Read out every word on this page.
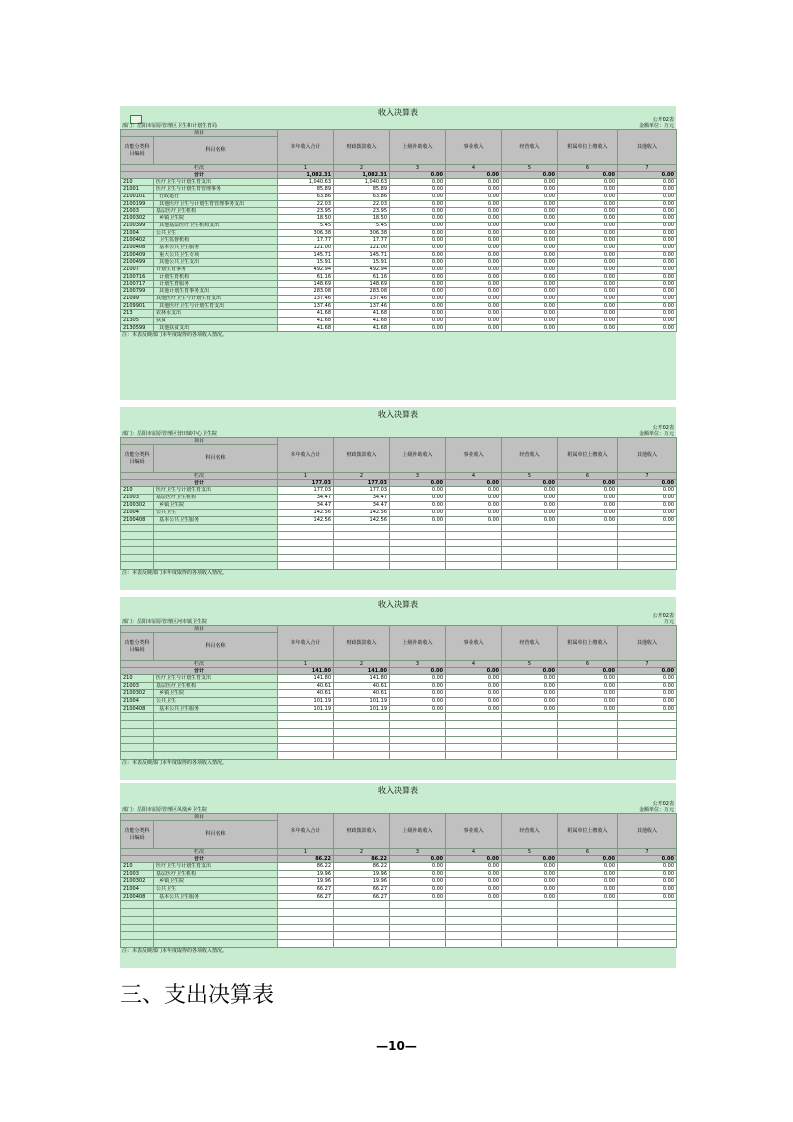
收入决算表
公开02表
部门：岳阳市屈原管理区卫生和计划生育局	金额单位：万元
项目		本年收入合计	财政拨款收入	上级补助收入	事业收入	经营收入	附属单位上缴收入	其他收入
功能分类科目编码	科目名称							
栏次		1	2	3	4	5	6	7
合计		1,082.31	1,082.31	0.00	0.00	0.00	0.00	0.00
210	医疗卫生与计划生育支出	1,040.63	1,040.63	0.00	0.00	0.00	0.00	0.00
21001	医疗卫生与计划生育管理事务	85.89	85.89	0.00	0.00	0.00	0.00	0.00
2100101	行政运行	63.86	63.86	0.00	0.00	0.00	0.00	0.00
2100199	其他医疗卫生与计划生育管理事务支出	22.03	22.03	0.00	0.00	0.00	0.00	0.00
21003	基层医疗卫生机构	23.95	23.95	0.00	0.00	0.00	0.00	0.00
2100302	乡镇卫生院	18.50	18.50	0.00	0.00	0.00	0.00	0.00
2100399	其他基层医疗卫生机构支出	5.45	5.45	0.00	0.00	0.00	0.00	0.00
21004	公共卫生	306.38	306.38	0.00	0.00	0.00	0.00	0.00
2100402	卫生监督机构	17.77	17.77	0.00	0.00	0.00	0.00	0.00
2100408	基本公共卫生服务	121.00	121.00	0.00	0.00	0.00	0.00	0.00
2100409	重大公共卫生专项	145.71	145.71	0.00	0.00	0.00	0.00	0.00
2100499	其他公共卫生支出	15.91	15.91	0.00	0.00	0.00	0.00	0.00
21007	计划生育事务	492.94	492.94	0.00	0.00	0.00	0.00	0.00
2100716	计划生育机构	61.16	61.16	0.00	0.00	0.00	0.00	0.00
2100717	计划生育服务	148.69	148.69	0.00	0.00	0.00	0.00	0.00
2100799	其他计划生育事务支出	283.08	283.08	0.00	0.00	0.00	0.00	0.00
21099	其他医疗卫生与计划生育支出	137.46	137.46	0.00	0.00	0.00	0.00	0.00
2109901	其他医疗卫生与计划生育支出	137.46	137.46	0.00	0.00	0.00	0.00	0.00
213	农林水支出	41.68	41.68	0.00	0.00	0.00	0.00	0.00
21305	扶贫	41.68	41.68	0.00	0.00	0.00	0.00	0.00
2130599	其他扶贫支出	41.68	41.68	0.00	0.00	0.00	0.00	0.00
注：本表反映部门本年度取得的各项收入情况。
收入决算表
公开02表
部门：岳阳市屈原管理区营田镇中心卫生院	金额单位：万元
项目		本年收入合计	财政拨款收入	上级补助收入	事业收入	经营收入	附属单位上缴收入	其他收入
功能分类科目编码	科目名称							
栏次		1	2	3	4	5	6	7
合计		177.03	177.03	0.00	0.00	0.00	0.00	0.00
210	医疗卫生与计划生育支出	177.03	177.03	0.00	0.00	0.00	0.00	0.00
21003	基层医疗卫生机构	34.47	34.47	0.00	0.00	0.00	0.00	0.00
2100302	乡镇卫生院	34.47	34.47	0.00	0.00	0.00	0.00	0.00
21004	公共卫生	142.56	142.56	0.00	0.00	0.00	0.00	0.00
2100408	基本公共卫生服务	142.56	142.56	0.00	0.00	0.00	0.00	0.00

注：本表反映部门本年度取得的各项收入情况。
收入决算表
公开02表
部门：岳阳市屈原管理区河市镇卫生院	万元
项目		本年收入合计	财政拨款收入	上级补助收入	事业收入	经营收入	附属单位上缴收入	其他收入
功能分类科目编码	科目名称							
栏次		1	2	3	4	5	6	7
合计		141.80	141.80	0.00	0.00	0.00	0.00	0.00
210	医疗卫生与计划生育支出	141.80	141.80	0.00	0.00	0.00	0.00	0.00
21003	基层医疗卫生机构	40.61	40.61	0.00	0.00	0.00	0.00	0.00
2100302	乡镇卫生院	40.61	40.61	0.00	0.00	0.00	0.00	0.00
21004	公共卫生	101.19	101.19	0.00	0.00	0.00	0.00	0.00
2100408	基本公共卫生服务	101.19	101.19	0.00	0.00	0.00	0.00	0.00

注：本表反映部门本年度取得的各项收入情况。
收入决算表
公开02表
部门：岳阳市屈原管理区凤凰乡卫生院	金额单位：万元
项目		本年收入合计	财政拨款收入	上级补助收入	事业收入	经营收入	附属单位上缴收入	其他收入
功能分类科目编码	科目名称							
栏次		1	2	3	4	5	6	7
合计		86.22	86.22	0.00	0.00	0.00	0.00	0.00
210	医疗卫生与计划生育支出	86.22	86.22	0.00	0.00	0.00	0.00	0.00
21003	基层医疗卫生机构	19.96	19.96	0.00	0.00	0.00	0.00	0.00
2100302	乡镇卫生院	19.96	19.96	0.00	0.00	0.00	0.00	0.00
21004	公共卫生	66.27	66.27	0.00	0.00	0.00	0.00	0.00
2100408	基本公共卫生服务	66.27	66.27	0.00	0.00	0.00	0.00	0.00

注：本表反映部门本年度取得的各项收入情况。
三、支出决算表
—10—
